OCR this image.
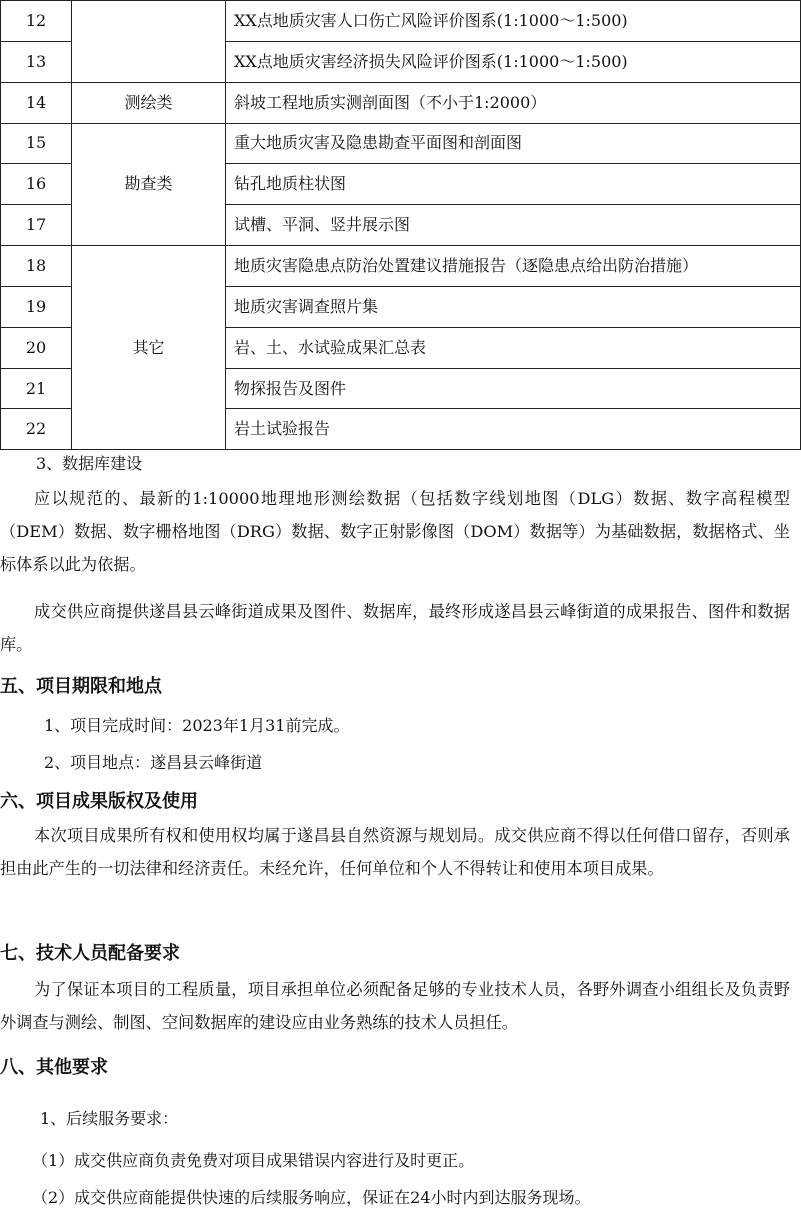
12		XX点地质灾害人口伤亡风险评价图系(1:1000～1:500)
13		XX点地质灾害经济损失风险评价图系(1:1000～1:500)
14	测绘类	斜坡工程地质实测剖面图（不小于1:2000）
15	勘查类	重大地质灾害及隐患勘查平面图和剖面图
16		钻孔地质柱状图
17		试槽、平洞、竖井展示图
18	其它	地质灾害隐患点防治处置建议措施报告（逐隐患点给出防治措施）
19		地质灾害调查照片集
20		岩、土、水试验成果汇总表
21		物探报告及图件
22		岩土试验报告
3、数据库建设
应以规范的、最新的1:10000地理地形测绘数据（包括数字线划地图（DLG）数据、数字高程模型（DEM）数据、数字栅格地图（DRG）数据、数字正射影像图（DOM）数据等）为基础数据，数据格式、坐标体系以此为依据。
成交供应商提供遂昌县云峰街道成果及图件、数据库，最终形成遂昌县云峰街道的成果报告、图件和数据库。
五、项目期限和地点
1、项目完成时间：2023年1月31前完成。
2、项目地点：遂昌县云峰街道
六、项目成果版权及使用
本次项目成果所有权和使用权均属于遂昌县自然资源与规划局。成交供应商不得以任何借口留存，否则承担由此产生的一切法律和经济责任。未经允许，任何单位和个人不得转让和使用本项目成果。
七、技术人员配备要求
为了保证本项目的工程质量，项目承担单位必须配备足够的专业技术人员，各野外调查小组组长及负责野外调查与测绘、制图、空间数据库的建设应由业务熟练的技术人员担任。
八、其他要求
1、后续服务要求：
（1）成交供应商负责免费对项目成果错误内容进行及时更正。
（2）成交供应商能提供快速的后续服务响应，保证在24小时内到达服务现场。
